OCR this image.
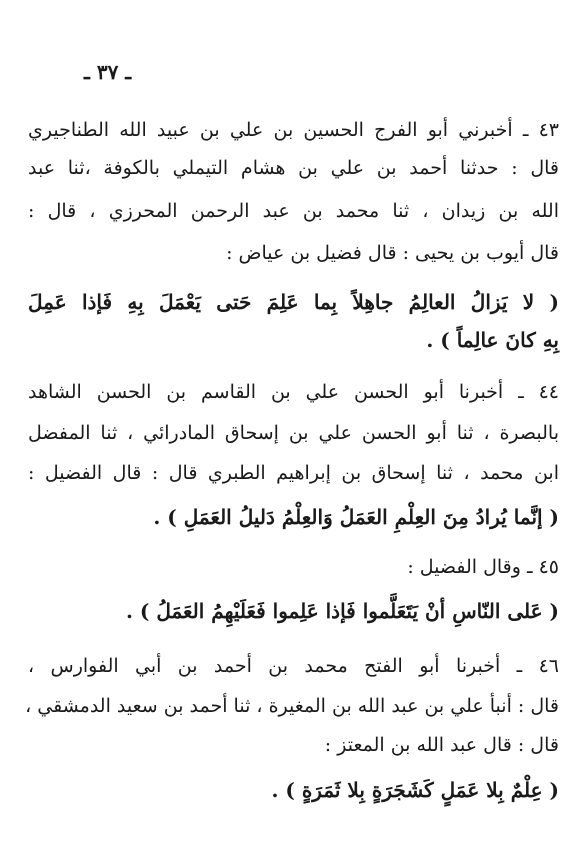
ـ ٣٧ ـ
٤٣ ـ أخبرني أبو الفرج الحسين بن علي بن عبيد الله الطناجيري
قال : حدثنا أحمد بن علي بن هشام التيملي بالكوفة ،ثنا عبد
الله بن زيدان ، ثنا محمد بن عبد الرحمن المحرزي ، قال :
قال أيوب بن يحيى : قال فضيل بن عياض :
( لا يَزالُ العالِمُ جاهِلاً بِما عَلِمَ حَتى يَعْمَلَ بِهِ فَإذا عَمِلَ
بِهِ كانَ عالِماً ) .
٤٤ ـ أخبرنا أبو الحسن علي بن القاسم بن الحسن الشاهد
بالبصرة ، ثنا أبو الحسن علي بن إسحاق المادرائي ، ثنا المفضل
ابن محمد ، ثنا إسحاق بن إبراهيم الطبري قال : قال الفضيل :
( إنَّما يُرادُ مِنَ العِلْمِ العَمَلُ وَالعِلْمُ دَليلُ العَمَلِ ) .
٤٥ ـ وقال الفضيل :
( عَلى النّاسِ أنْ يَتَعَلَّموا فَإذا عَلِموا فَعَلَيْهِمُ العَمَلُ ) .
٤٦ ـ أخبرنا أبو الفتح محمد بن أحمد بن أبي الفوارس ،
قال : أنبأ علي بن عبد الله بن المغيرة ، ثنا أحمد بن سعيد الدمشقي ،
قال : قال عبد الله بن المعتز :
( عِلْمٌ بِلا عَمَلٍ كَشَجَرَةٍ بِلا ثَمَرَةٍ ) .
